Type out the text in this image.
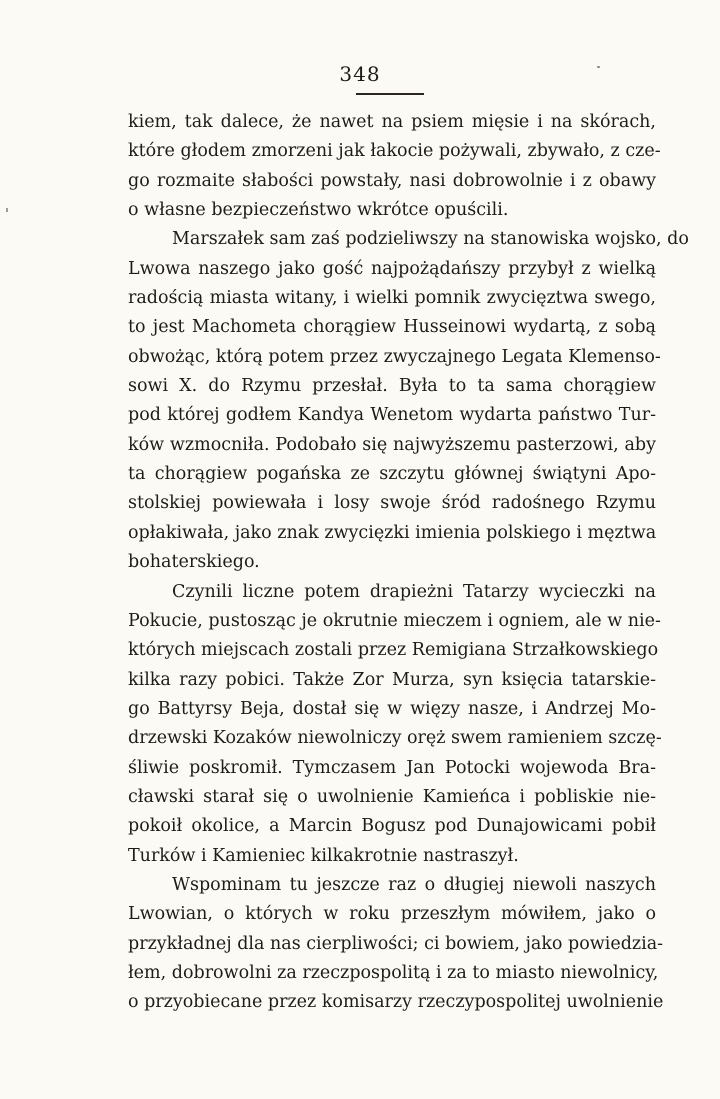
348
kiem, tak dalece, że nawet na psiem mięsie i na skórach,
które głodem zmorzeni jak łakocie pożywali, zbywało, z cze-
go rozmaite słabości powstały, nasi dobrowolnie i z obawy
o własne bezpieczeństwo wkrótce opuścili.
Marszałek sam zaś podzieliwszy na stanowiska wojsko, do
Lwowa naszego jako gość najpożądańszy przybył z wielką
radością miasta witany, i wielki pomnik zwycięztwa swego,
to jest Machometa chorągiew Husseinowi wydartą, z sobą
obwożąc, którą potem przez zwyczajnego Legata Klemenso-
sowi X. do Rzymu przesłał. Była to ta sama chorągiew
pod której godłem Kandya Wenetom wydarta państwo Tur-
ków wzmocniła. Podobało się najwyższemu pasterzowi, aby
ta chorągiew pogańska ze szczytu głównej świątyni Apo-
stolskiej powiewała i losy swoje śród radośnego Rzymu
opłakiwała, jako znak zwycięzki imienia polskiego i męztwa
bohaterskiego.
Czynili liczne potem drapieżni Tatarzy wycieczki na
Pokucie, pustosząc je okrutnie mieczem i ogniem, ale w nie-
których miejscach zostali przez Remigiana Strzałkowskiego
kilka razy pobici. Także Zor Murza, syn księcia tatarskie-
go Battyrsy Beja, dostał się w więzy nasze, i Andrzej Mo-
drzewski Kozaków niewolniczy oręż swem ramieniem szczę-
śliwie poskromił. Tymczasem Jan Potocki wojewoda Bra-
cławski starał się o uwolnienie Kamieńca i pobliskie nie-
pokoił okolice, a Marcin Bogusz pod Dunajowicami pobił
Turków i Kamieniec kilkakrotnie nastraszył.
Wspominam tu jeszcze raz o długiej niewoli naszych
Lwowian, o których w roku przeszłym mówiłem, jako o
przykładnej dla nas cierpliwości; ci bowiem, jako powiedzia-
łem, dobrowolni za rzeczpospolitą i za to miasto niewolnicy,
o przyobiecane przez komisarzy rzeczypospolitej uwolnienie
